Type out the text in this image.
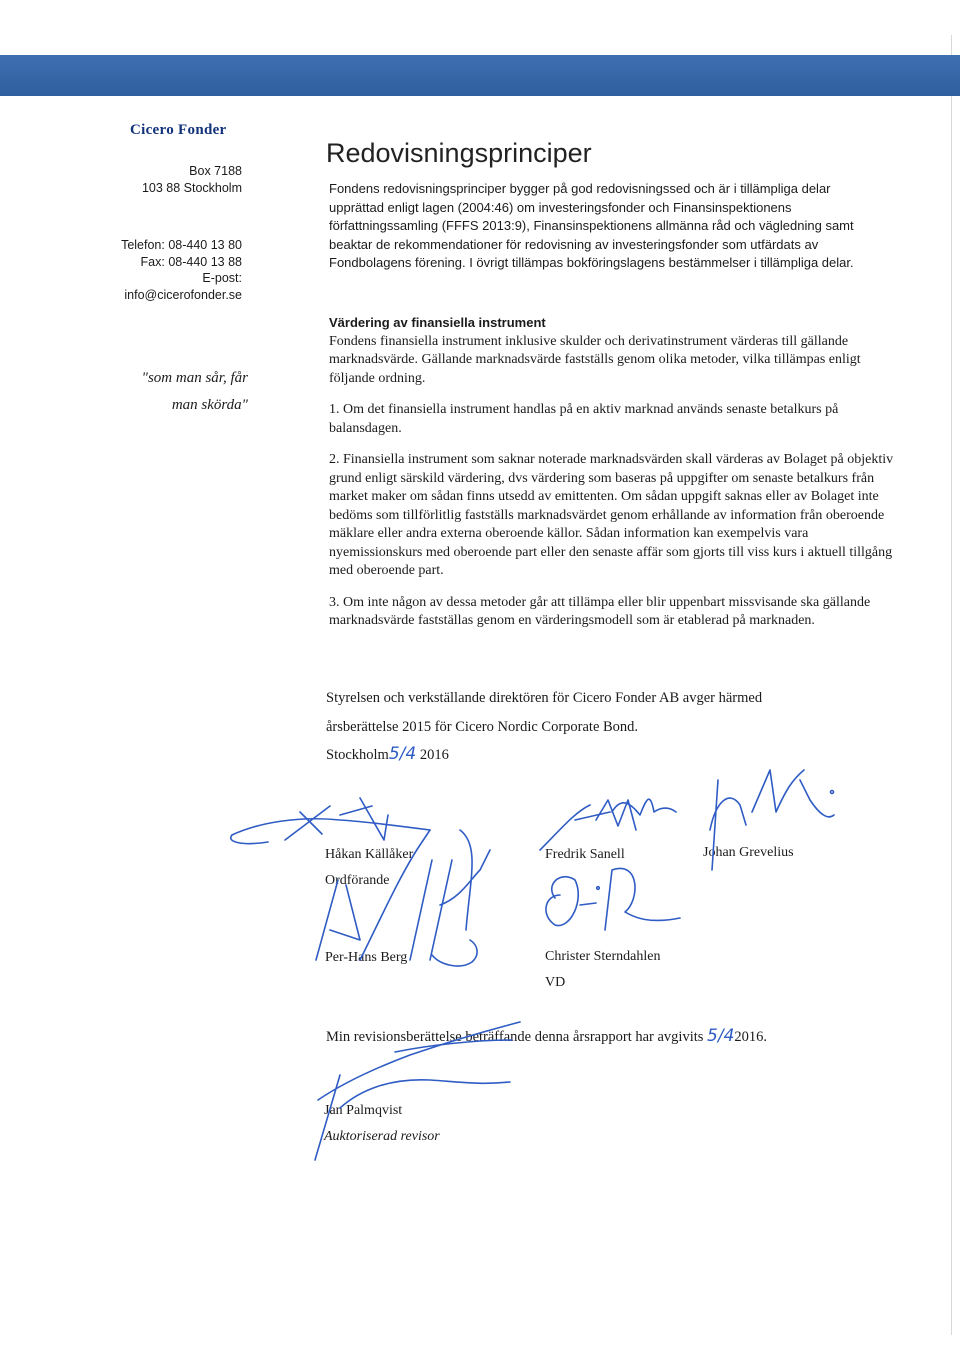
Cicero Fonder
Box 7188
103 88 Stockholm
Telefon: 08-440 13 80
Fax: 08-440 13 88
E-post:
info@cicerofonder.se
"som man sår, får
man skörda"
Redovisningsprinciper
Fondens redovisningsprinciper bygger på god redovisningssed och är i tillämpliga delar upprättad enligt lagen (2004:46) om investeringsfonder och Finansinspektionens författningssamling (FFFS 2013:9), Finansinspektionens allmänna råd och vägledning samt beaktar de rekommendationer för redovisning av investeringsfonder som utfärdats av Fondbolagens förening. I övrigt tillämpas bokföringslagens bestämmelser i tillämpliga delar.
Värdering av finansiella instrument

Fondens finansiella instrument inklusive skulder och derivatinstrument värderas till gällande marknadsvärde. Gällande marknadsvärde fastställs genom olika metoder, vilka tillämpas enligt följande ordning.

1. Om det finansiella instrument handlas på en aktiv marknad används senaste betalkurs på balansdagen.

2. Finansiella instrument som saknar noterade marknadsvärden skall värderas av Bolaget på objektiv grund enligt särskild värdering, dvs värdering som baseras på uppgifter om senaste betalkurs från market maker om sådan finns utsedd av emittenten. Om sådan uppgift saknas eller av Bolaget inte bedöms som tillförlitlig fastställs marknadsvärdet genom erhållande av information från oberoende mäklare eller andra externa oberoende källor. Sådan information kan exempelvis vara nyemissionskurs med oberoende part eller den senaste affär som gjorts till viss kurs i aktuell tillgång med oberoende part.

3. Om inte någon av dessa metoder går att tillämpa eller blir uppenbart missvisande ska gällande marknadsvärde fastställas genom en värderingsmodell som är etablerad på marknaden.

Styrelsen och verkställande direktören för Cicero Fonder AB avger härmed
årsberättelse 2015 för Cicero Nordic Corporate Bond.
Stockholm5/4 2016
Håkan Källåker
Ordförande
Fredrik Sanell	Johan Grevelius
Per-Hans Berg	Christer Sterndahlen
VD
Min revisionsberättelse beträffande denna årsrapport har avgivits 5/42016.
Jan Palmqvist
Auktoriserad revisor
